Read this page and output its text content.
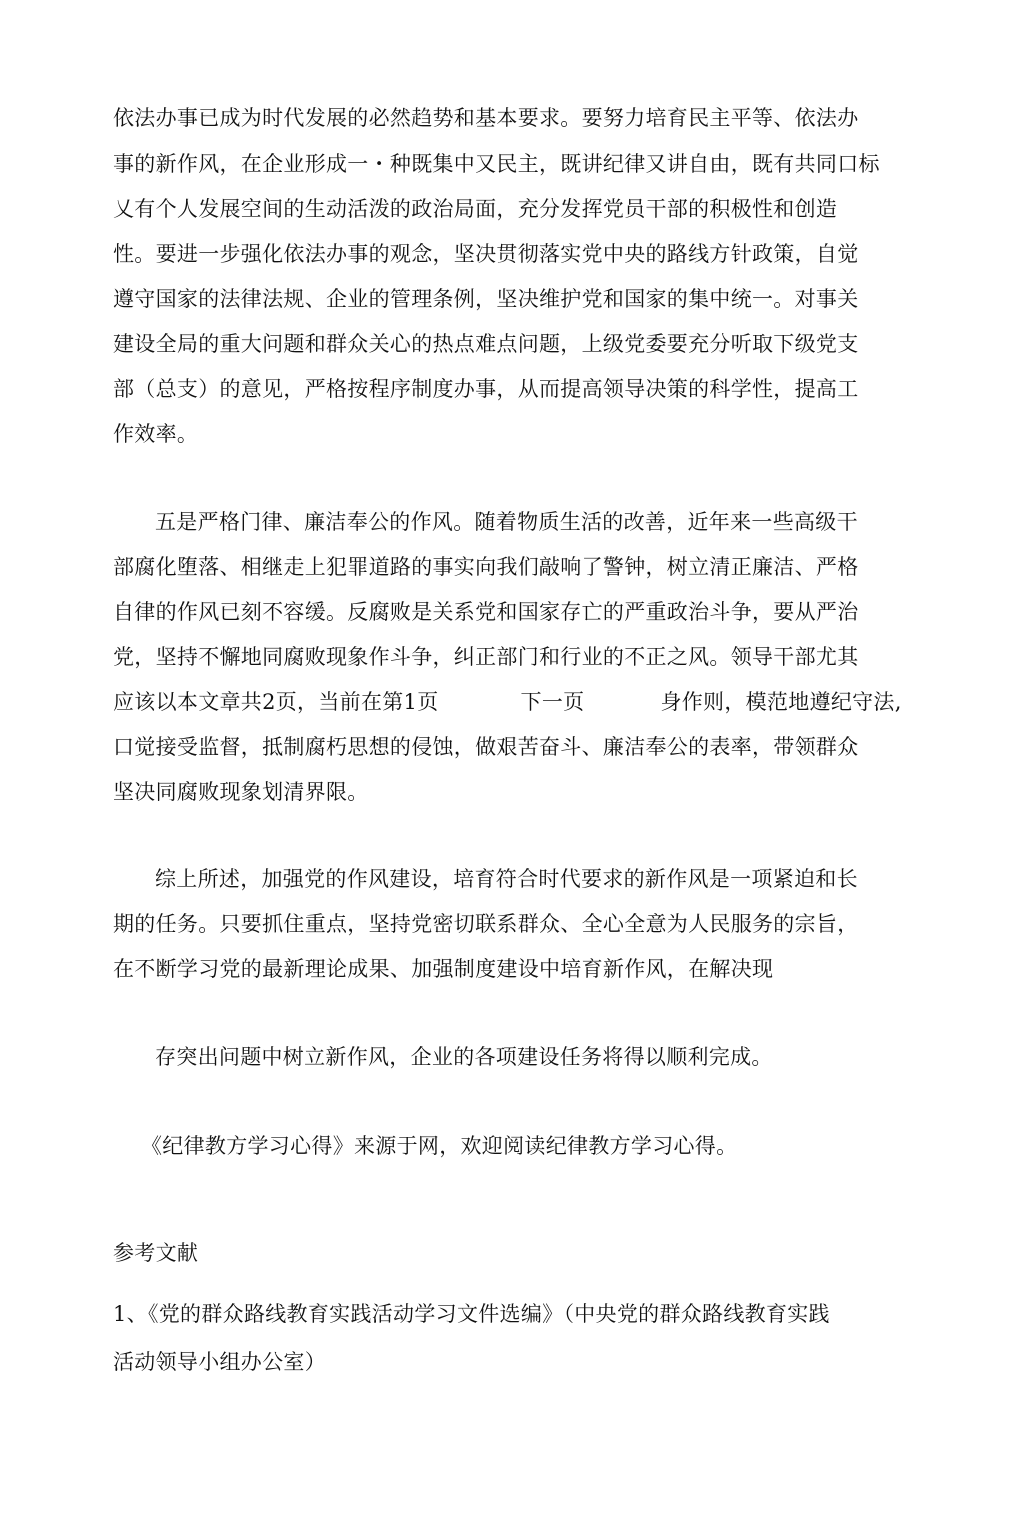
依法办事已成为时代发展的必然趋势和基本要求。要努力培育民主平等、依法办
事的新作风，在企业形成一・种既集中又民主，既讲纪律又讲自由，既有共同口标
乂有个人发展空间的生动活泼的政治局面，充分发挥党员干部的积极性和创造
性。要进一步强化依法办事的观念，坚决贯彻落实党中央的路线方针政策，自觉
遵守国家的法律法规、企业的管理条例，坚决维护党和国家的集中统一。对事关
建设全局的重大问题和群众关心的热点难点问题，上级党委要充分听取下级党支
部（总支）的意见，严格按程序制度办事，从而提高领导决策的科学性，提高工
作效率。
五是严格门律、廉洁奉公的作风。随着物质生活的改善，近年来一些高级干
部腐化堕落、相继走上犯罪道路的事实向我们敲响了警钟，树立清正廉洁、严格
自律的作风已刻不容缓。反腐败是关系党和国家存亡的严重政治斗争，要从严治
党，坚持不懈地同腐败现象作斗争，纠正部门和行业的不正之风。领导干部尤其
应该以本文章共2页，当前在第1页	下一页	身作则，模范地遵纪守法,
口觉接受监督，抵制腐朽思想的侵蚀，做艰苦奋斗、廉洁奉公的表率，带领群众
坚决同腐败现象划清界限。
综上所述，加强党的作风建设，培育符合时代要求的新作风是一项紧迫和长
期的任务。只要抓住重点，坚持党密切联系群众、全心全意为人民服务的宗旨，
在不断学习党的最新理论成果、加强制度建设中培育新作风，在解决现
存突出问题中树立新作风，企业的各项建设任务将得以顺利完成。
《纪律教方学习心得》来源于网，欢迎阅读纪律教方学习心得。
参考文献
1、《党的群众路线教育实践活动学习文件选编》（中央党的群众路线教育实践
活动领导小组办公室）
